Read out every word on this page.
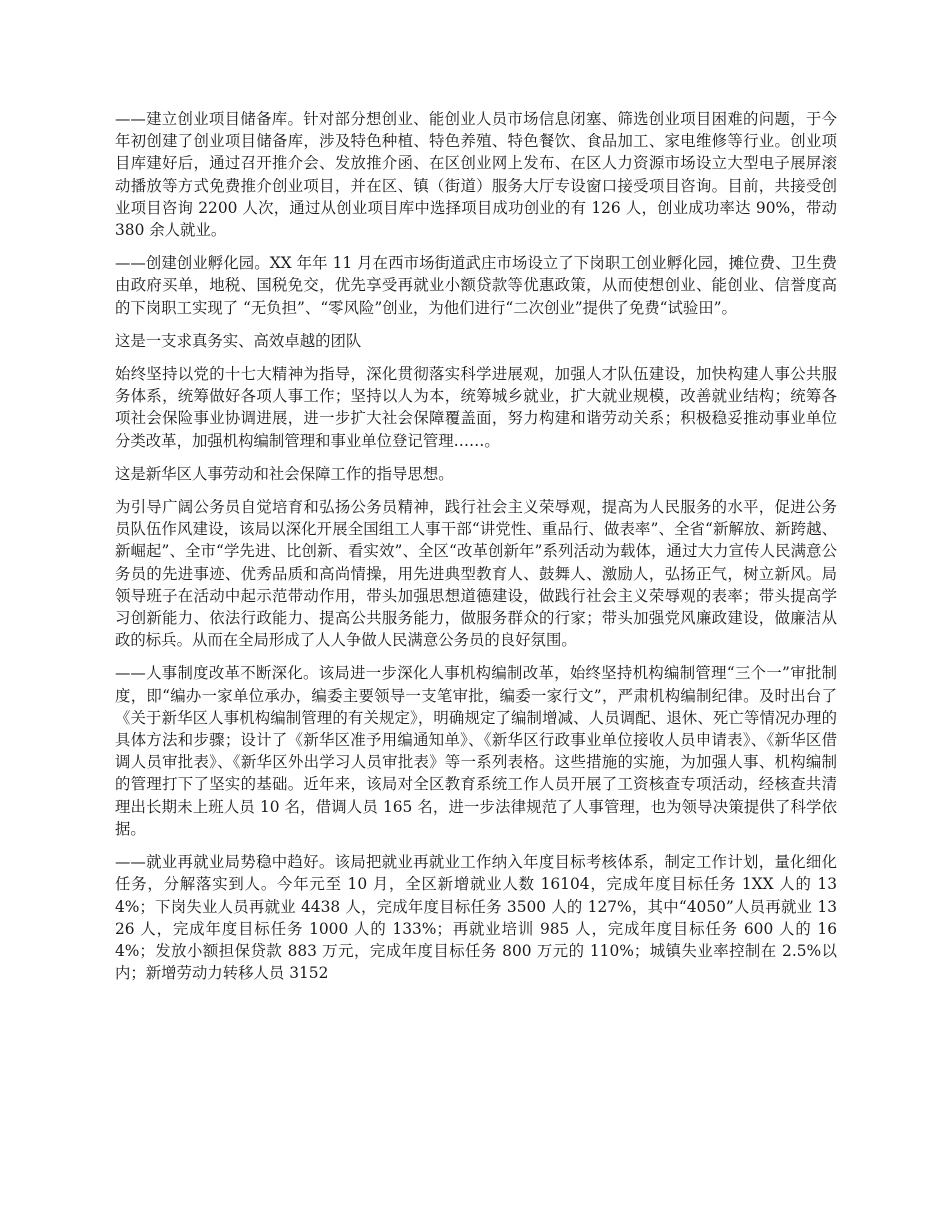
——建立创业项目储备库。针对部分想创业、能创业人员市场信息闭塞、筛选创业项目困难的问题，于今年初创建了创业项目储备库，涉及特色种植、特色养殖、特色餐饮、食品加工、家电维修等行业。创业项目库建好后，通过召开推介会、发放推介函、在区创业网上发布、在区人力资源市场设立大型电子展屏滚动播放等方式免费推介创业项目，并在区、镇（街道）服务大厅专设窗口接受项目咨询。目前，共接受创业项目咨询 2200 人次，通过从创业项目库中选择项目成功创业的有 126 人，创业成功率达 90%，带动 380 余人就业。

——创建创业孵化园。XX 年年 11 月在西市场街道武庄市场设立了下岗职工创业孵化园，摊位费、卫生费由政府买单，地税、国税免交，优先享受再就业小额贷款等优惠政策，从而使想创业、能创业、信誉度高的下岗职工实现了 “无负担”、“零风险”创业，为他们进行“二次创业”提供了免费“试验田”。

这是一支求真务实、高效卓越的团队

始终坚持以党的十七大精神为指导，深化贯彻落实科学进展观，加强人才队伍建设，加快构建人事公共服务体系，统筹做好各项人事工作；坚持以人为本，统筹城乡就业，扩大就业规模，改善就业结构；统筹各项社会保险事业协调进展，进一步扩大社会保障覆盖面，努力构建和谐劳动关系；积极稳妥推动事业单位分类改革，加强机构编制管理和事业单位登记管理……。

这是新华区人事劳动和社会保障工作的指导思想。

为引导广阔公务员自觉培育和弘扬公务员精神，践行社会主义荣辱观，提高为人民服务的水平，促进公务员队伍作风建设，该局以深化开展全国组工人事干部“讲党性、重品行、做表率”、全省“新解放、新跨越、新崛起”、全市“学先进、比创新、看实效”、全区“改革创新年”系列活动为载体，通过大力宣传人民满意公务员的先进事迹、优秀品质和高尚情操，用先进典型教育人、鼓舞人、激励人，弘扬正气，树立新风。局领导班子在活动中起示范带动作用，带头加强思想道德建设，做践行社会主义荣辱观的表率；带头提高学习创新能力、依法行政能力、提高公共服务能力，做服务群众的行家；带头加强党风廉政建设，做廉洁从政的标兵。从而在全局形成了人人争做人民满意公务员的良好氛围。

——人事制度改革不断深化。该局进一步深化人事机构编制改革，始终坚持机构编制管理“三个一”审批制度，即“编办一家单位承办，编委主要领导一支笔审批，编委一家行文”，严肃机构编制纪律。及时出台了《关于新华区人事机构编制管理的有关规定》，明确规定了编制增减、人员调配、退休、死亡等情况办理的具体方法和步骤；设计了《新华区准予用编通知单》、《新华区行政事业单位接收人员申请表》、《新华区借调人员审批表》、《新华区外出学习人员审批表》等一系列表格。这些措施的实施，为加强人事、机构编制的管理打下了坚实的基础。近年来，该局对全区教育系统工作人员开展了工资核查专项活动，经核查共清理出长期未上班人员 10 名，借调人员 165 名，进一步法律规范了人事管理，也为领导决策提供了科学依据。

——就业再就业局势稳中趋好。该局把就业再就业工作纳入年度目标考核体系，制定工作计划，量化细化任务，分解落实到人。今年元至 10 月，全区新增就业人数 16104，完成年度目标任务 1XX 人的 134%；下岗失业人员再就业 4438 人，完成年度目标任务 3500 人的 127%，其中“4050”人员再就业 1326 人，完成年度目标任务 1000 人的 133%；再就业培训 985 人，完成年度目标任务 600 人的 164%；发放小额担保贷款 883 万元，完成年度目标任务 800 万元的 110%；城镇失业率控制在 2.5%以内；新增劳动力转移人员 3152
